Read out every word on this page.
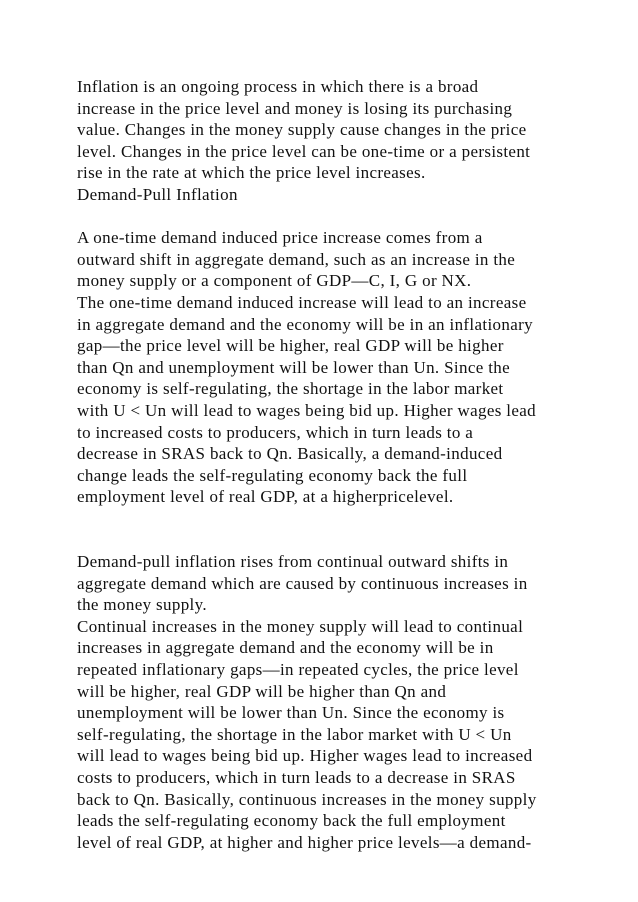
Inflation is an ongoing process in which there is a broad
increase in the price level and money is losing its purchasing
value. Changes in the money supply cause changes in the price
level. Changes in the price level can be one-time or a persistent
rise in the rate at which the price level increases.
Demand-Pull Inflation
A one-time demand induced price increase comes from a
outward shift in aggregate demand, such as an increase in the
money supply or a component of GDP—C, I, G or NX.
The one-time demand induced increase will lead to an increase
in aggregate demand and the economy will be in an inflationary
gap—the price level will be higher, real GDP will be higher
than Qn and unemployment will be lower than Un. Since the
economy is self-regulating, the shortage in the labor market
with U < Un will lead to wages being bid up. Higher wages lead
to increased costs to producers, which in turn leads to a
decrease in SRAS back to Qn. Basically, a demand-induced
change leads the self-regulating economy back the full
employment level of real GDP, at a higherpricelevel.
Demand-pull inflation rises from continual outward shifts in
aggregate demand which are caused by continuous increases in
the money supply.
Continual increases in the money supply will lead to continual
increases in aggregate demand and the economy will be in
repeated inflationary gaps—in repeated cycles, the price level
will be higher, real GDP will be higher than Qn and
unemployment will be lower than Un. Since the economy is
self-regulating, the shortage in the labor market with U < Un
will lead to wages being bid up. Higher wages lead to increased
costs to producers, which in turn leads to a decrease in SRAS
back to Qn. Basically, continuous increases in the money supply
leads the self-regulating economy back the full employment
level of real GDP, at higher and higher price levels—a demand-
